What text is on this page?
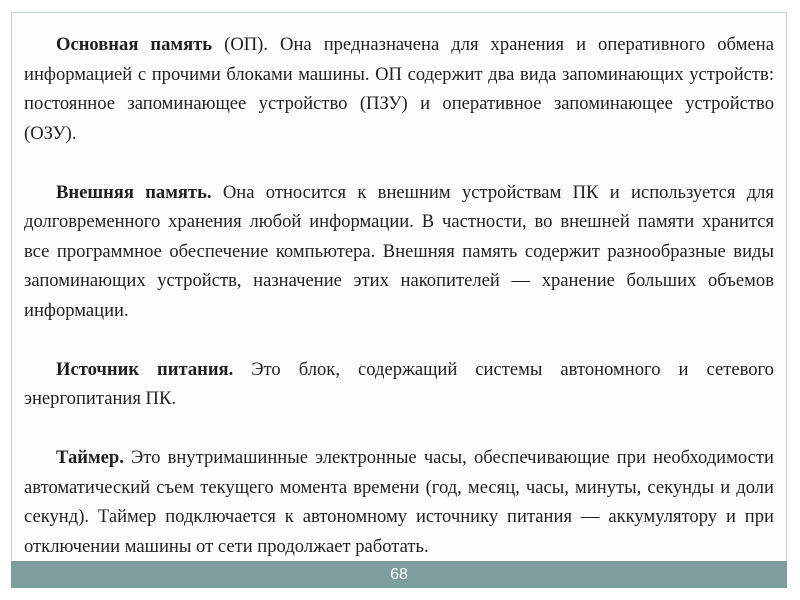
Основная память (ОП). Она предназначена для хранения и оперативного обмена информацией с прочими блоками машины. ОП содержит два вида запоминающих устройств: постоянное запоминающее устройство (ПЗУ) и оперативное запоминающее устройство (ОЗУ).

Внешняя память. Она относится к внешним устройствам ПК и используется для долговременного хранения любой информации. В частности, во внешней памяти хранится все программное обеспечение компьютера. Внешняя память содержит разнообразные виды запоминающих устройств, назначение этих накопителей — хранение больших объемов информации.

Источник питания. Это блок, содержащий системы автономного и сетевого энергопитания ПК.

Таймер. Это внутримашинные электронные часы, обеспечивающие при необходимости автоматический съем текущего момента времени (год, месяц, часы, минуты, секунды и доли секунд). Таймер подключается к автономному источнику питания — аккумулятору и при отключении машины от сети продолжает работать.

68
